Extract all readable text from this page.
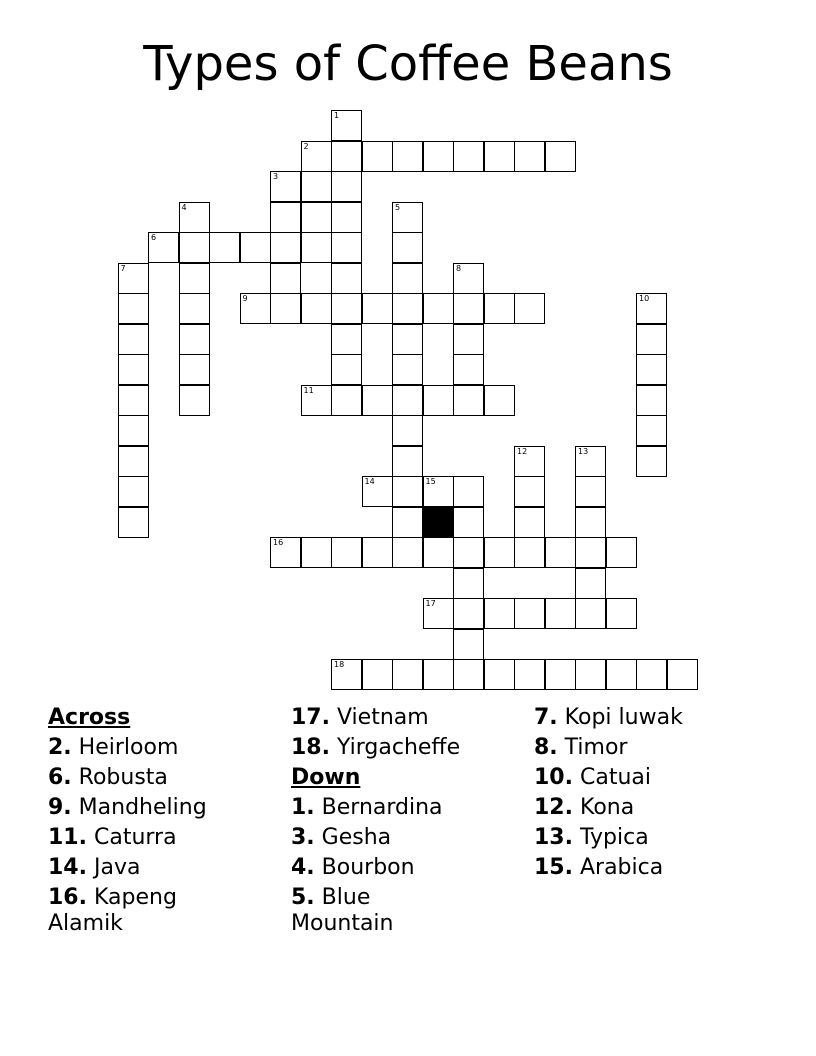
Types of Coffee Beans
1
2
3
4	5
6
7	8
9	10
11
12	13
14	15
16
17
18
Across
2. Heirloom
6. Robusta
9. Mandheling
11. Caturra
14. Java
16. Kapeng Alamik
17. Vietnam
18. Yirgacheffe
Down
1. Bernardina
3. Gesha
4. Bourbon
5. Blue Mountain
7. Kopi luwak
8. Timor
10. Catuai
12. Kona
13. Typica
15. Arabica
